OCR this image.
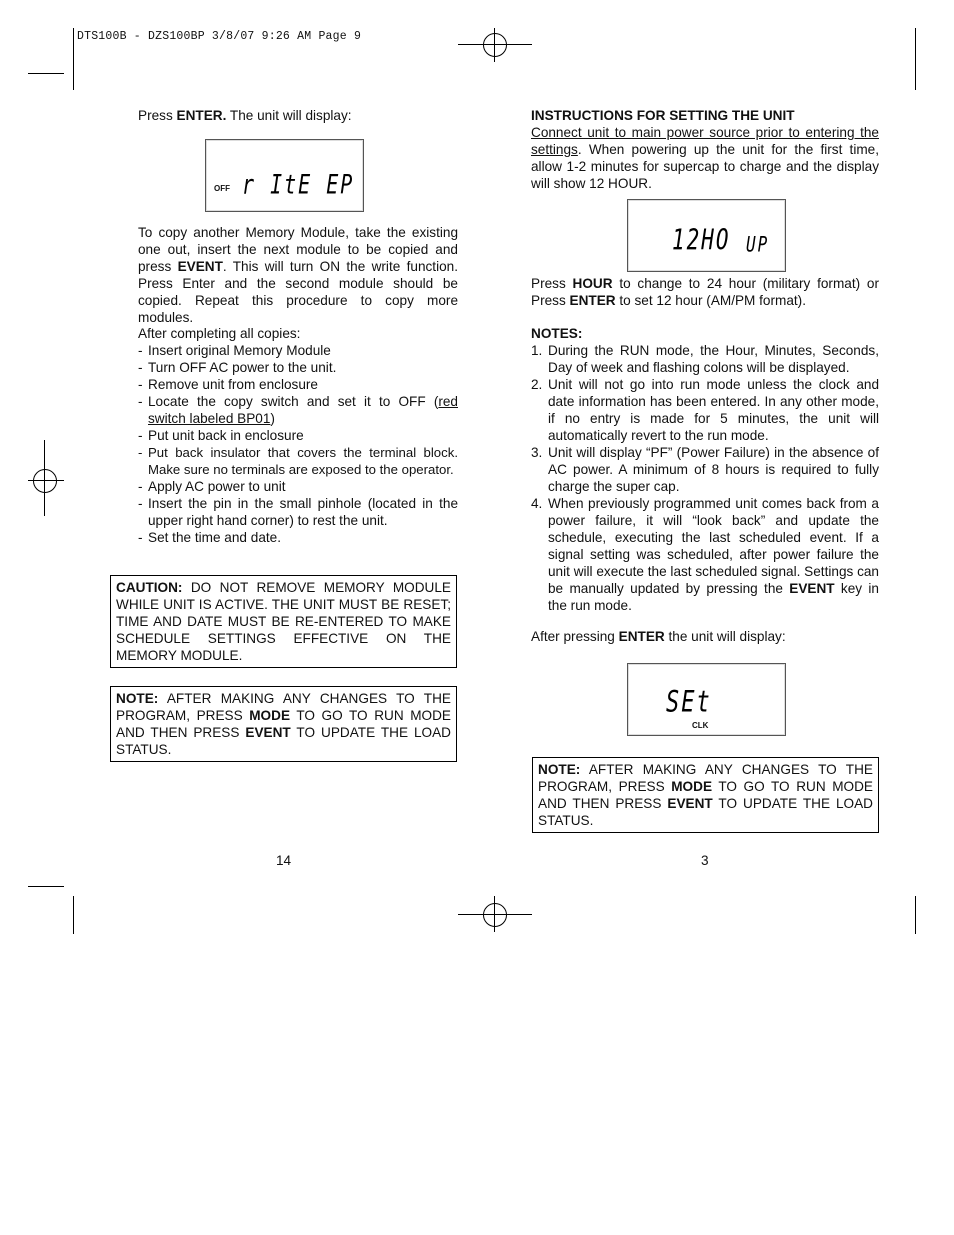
DTS100B - DZS100BP 3/8/07 9:26 AM Page 9

Press ENTER. The unit will display:

OFF r ItE EP

To copy another Memory Module, take the existing one out, insert the next module to be copied and press EVENT. This will turn ON the write function. Press Enter and the second module should be copied. Repeat this procedure to copy more modules.

After completing all copies:

- Insert original Memory Module
- Turn OFF AC power to the unit.
- Remove unit from enclosure
- Locate the copy switch and set it to OFF (red switch labeled BP01)
- Put unit back in enclosure
- Put back insulator that covers the terminal block. Make sure no terminals are exposed to the operator.
- Apply AC power to unit
- Insert the pin in the small pinhole (located in the upper right hand corner) to rest the unit.
- Set the time and date.
CAUTION: DO NOT REMOVE MEMORY MODULE WHILE UNIT IS ACTIVE. THE UNIT MUST BE RESET; TIME AND DATE MUST BE RE-ENTERED TO MAKE SCHEDULE SETTINGS EFFECTIVE ON THE MEMORY MODULE.
NOTE: AFTER MAKING ANY CHANGES TO THE PROGRAM, PRESS MODE TO GO TO RUN MODE AND THEN PRESS EVENT TO UPDATE THE LOAD STATUS.
14

INSTRUCTIONS FOR SETTING THE UNIT

Connect unit to main power source prior to entering the settings. When powering up the unit for the first time, allow 1-2 minutes for supercap to charge and the display will show 12 HOUR.

12HO UP

Press HOUR to change to 24 hour (military format) or Press ENTER to set 12 hour (AM/PM format).

NOTES:

1. During the RUN mode, the Hour, Minutes, Seconds, Day of week and flashing colons will be displayed.
2. Unit will not go into run mode unless the clock and date information has been entered. In any other mode, if no entry is made for 5 minutes, the unit will automatically revert to the run mode.
3. Unit will display “PF” (Power Failure) in the absence of AC power. A minimum of 8 hours is required to fully charge the super cap.
4. When previously programmed unit comes back from a power failure, it will “look back” and update the schedule, executing the last scheduled event. If a signal setting was scheduled, after power failure the unit will execute the last scheduled signal. Settings can be manually updated by pressing the EVENT key in the run mode.

After pressing ENTER the unit will display:

SEt
CLK
NOTE: AFTER MAKING ANY CHANGES TO THE PROGRAM, PRESS MODE TO GO TO RUN MODE AND THEN PRESS EVENT TO UPDATE THE LOAD STATUS.
3
